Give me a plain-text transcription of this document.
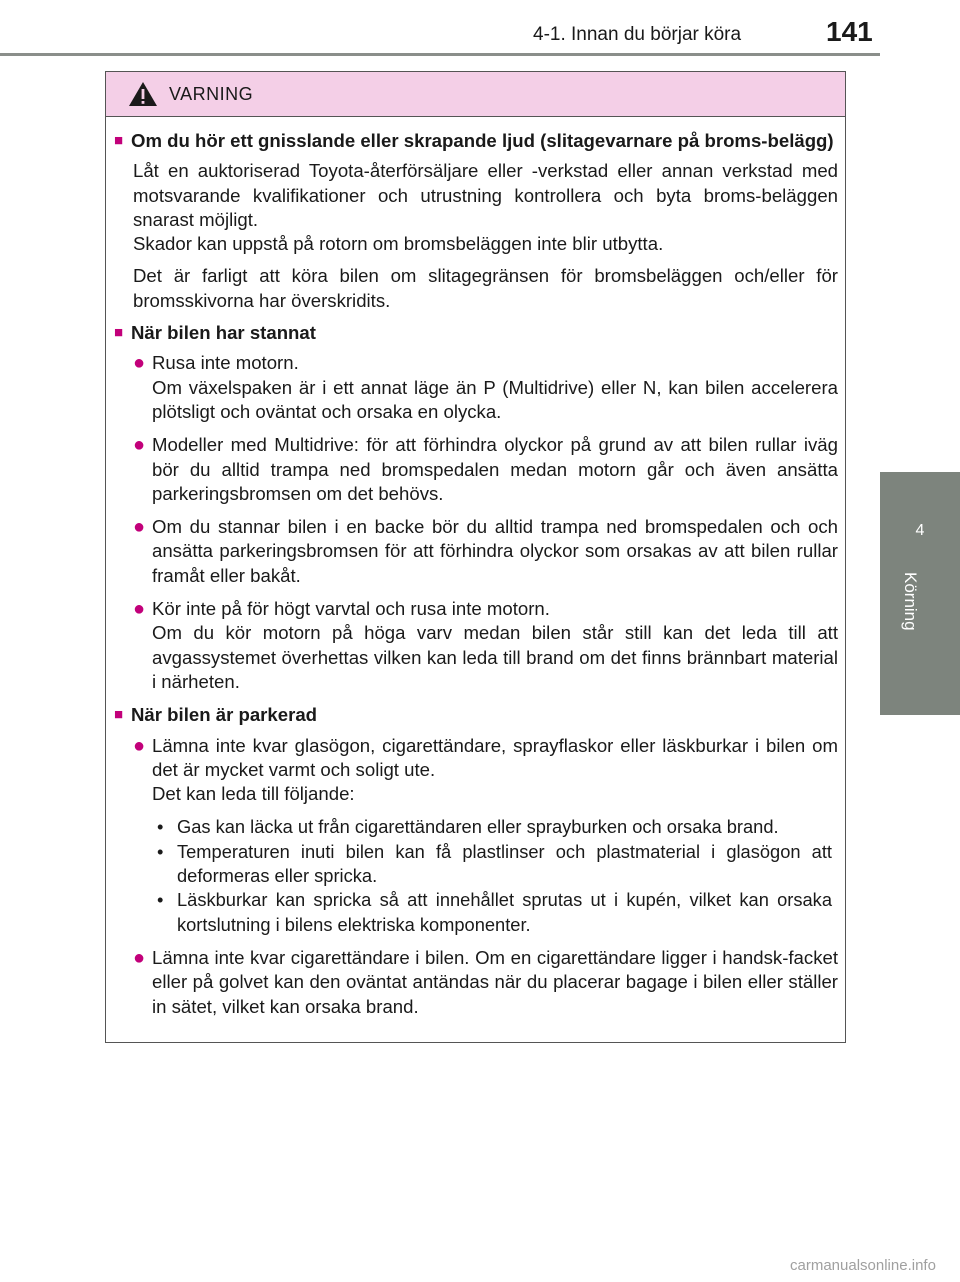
4-1. Innan du börjar köra	141
4
Körning
VARNING
■ Om du hör ett gnisslande eller skrapande ljud (slitagevarnare på broms-belägg)
Låt en auktoriserad Toyota-återförsäljare eller -verkstad eller annan verkstad med motsvarande kvalifikationer och utrustning kontrollera och byta broms-beläggen snarast möjligt.
Skador kan uppstå på rotorn om bromsbeläggen inte blir utbytta.
Det är farligt att köra bilen om slitagegränsen för bromsbeläggen och/eller för bromsskivorna har överskridits.
■ När bilen har stannat
● Rusa inte motorn.
Om växelspaken är i ett annat läge än P (Multidrive) eller N, kan bilen accelerera plötsligt och oväntat och orsaka en olycka.
● Modeller med Multidrive: för att förhindra olyckor på grund av att bilen rullar iväg bör du alltid trampa ned bromspedalen medan motorn går och även ansätta parkeringsbromsen om det behövs.
● Om du stannar bilen i en backe bör du alltid trampa ned bromspedalen och och ansätta parkeringsbromsen för att förhindra olyckor som orsakas av att bilen rullar framåt eller bakåt.
● Kör inte på för högt varvtal och rusa inte motorn.
Om du kör motorn på höga varv medan bilen står still kan det leda till att avgassystemet överhettas vilken kan leda till brand om det finns brännbart material i närheten.
■ När bilen är parkerad
● Lämna inte kvar glasögon, cigarettändare, sprayflaskor eller läskburkar i bilen om det är mycket varmt och soligt ute.
Det kan leda till följande:
• Gas kan läcka ut från cigarettändaren eller sprayburken och orsaka brand.
• Temperaturen inuti bilen kan få plastlinser och plastmaterial i glasögon att deformeras eller spricka.
• Läskburkar kan spricka så att innehållet sprutas ut i kupén, vilket kan orsaka kortslutning i bilens elektriska komponenter.
● Lämna inte kvar cigarettändare i bilen. Om en cigarettändare ligger i handsk-facket eller på golvet kan den oväntat antändas när du placerar bagage i bilen eller ställer in sätet, vilket kan orsaka brand.
carmanualsonline.info
